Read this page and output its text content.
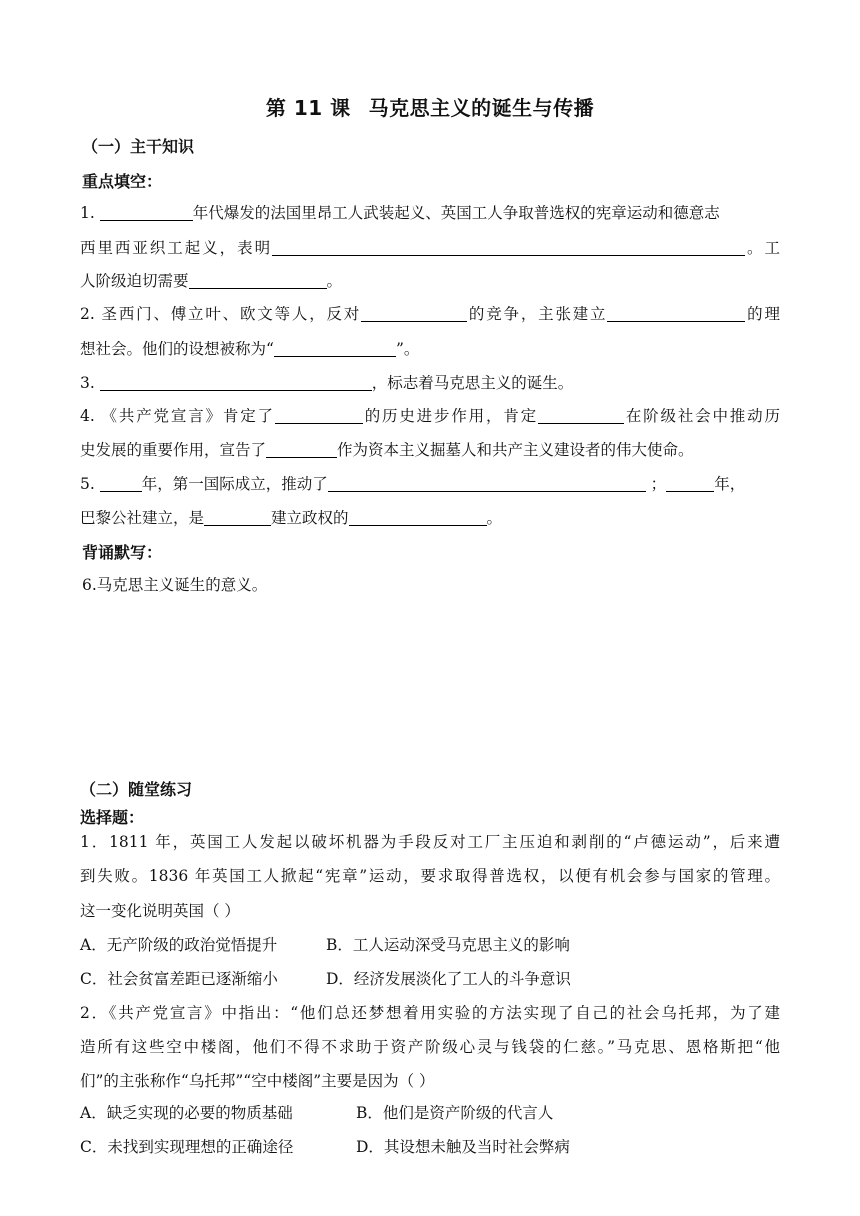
第 11 课 马克思主义的诞生与传播
（一）主干知识
重点填空：
1.	年代爆发的法国里昂工人武装起义、英国工人争取普选权的宪章运动和德意志
西里西亚织工起义，表明	。工
人阶级迫切需要	。
2. 圣西门、傅立叶、欧文等人，反对	的竞争，主张建立	的理
想社会。他们的设想被称为“	”。
3.	，标志着马克思主义的诞生。
4. 《共产党宣言》肯定了	的历史进步作用，肯定	在阶级社会中推动历
史发展的重要作用，宣告了	作为资本主义掘墓人和共产主义建设者的伟大使命。
5.	年，第一国际成立，推动了	；	年，
巴黎公社建立，是	建立政权的	。
背诵默写：
6.马克思主义诞生的意义。
（二）随堂练习
选择题：
1．1811 年，英国工人发起以破坏机器为手段反对工厂主压迫和剥削的“卢德运动”，后来遭
到失败。1836 年英国工人掀起“宪章”运动，要求取得普选权，以便有机会参与国家的管理。
这一变化说明英国（ ）
A．无产阶级的政治觉悟提升	B．工人运动深受马克思主义的影响
C．社会贫富差距已逐渐缩小	D．经济发展淡化了工人的斗争意识
2．《共产党宣言》中指出：“他们总还梦想着用实验的方法实现了自己的社会乌托邦，为了建
造所有这些空中楼阁，他们不得不求助于资产阶级心灵与钱袋的仁慈。”马克思、恩格斯把“他
们”的主张称作“乌托邦”“空中楼阁”主要是因为（ ）
A．缺乏实现的必要的物质基础	B．他们是资产阶级的代言人
C．未找到实现理想的正确途径	D．其设想未触及当时社会弊病
